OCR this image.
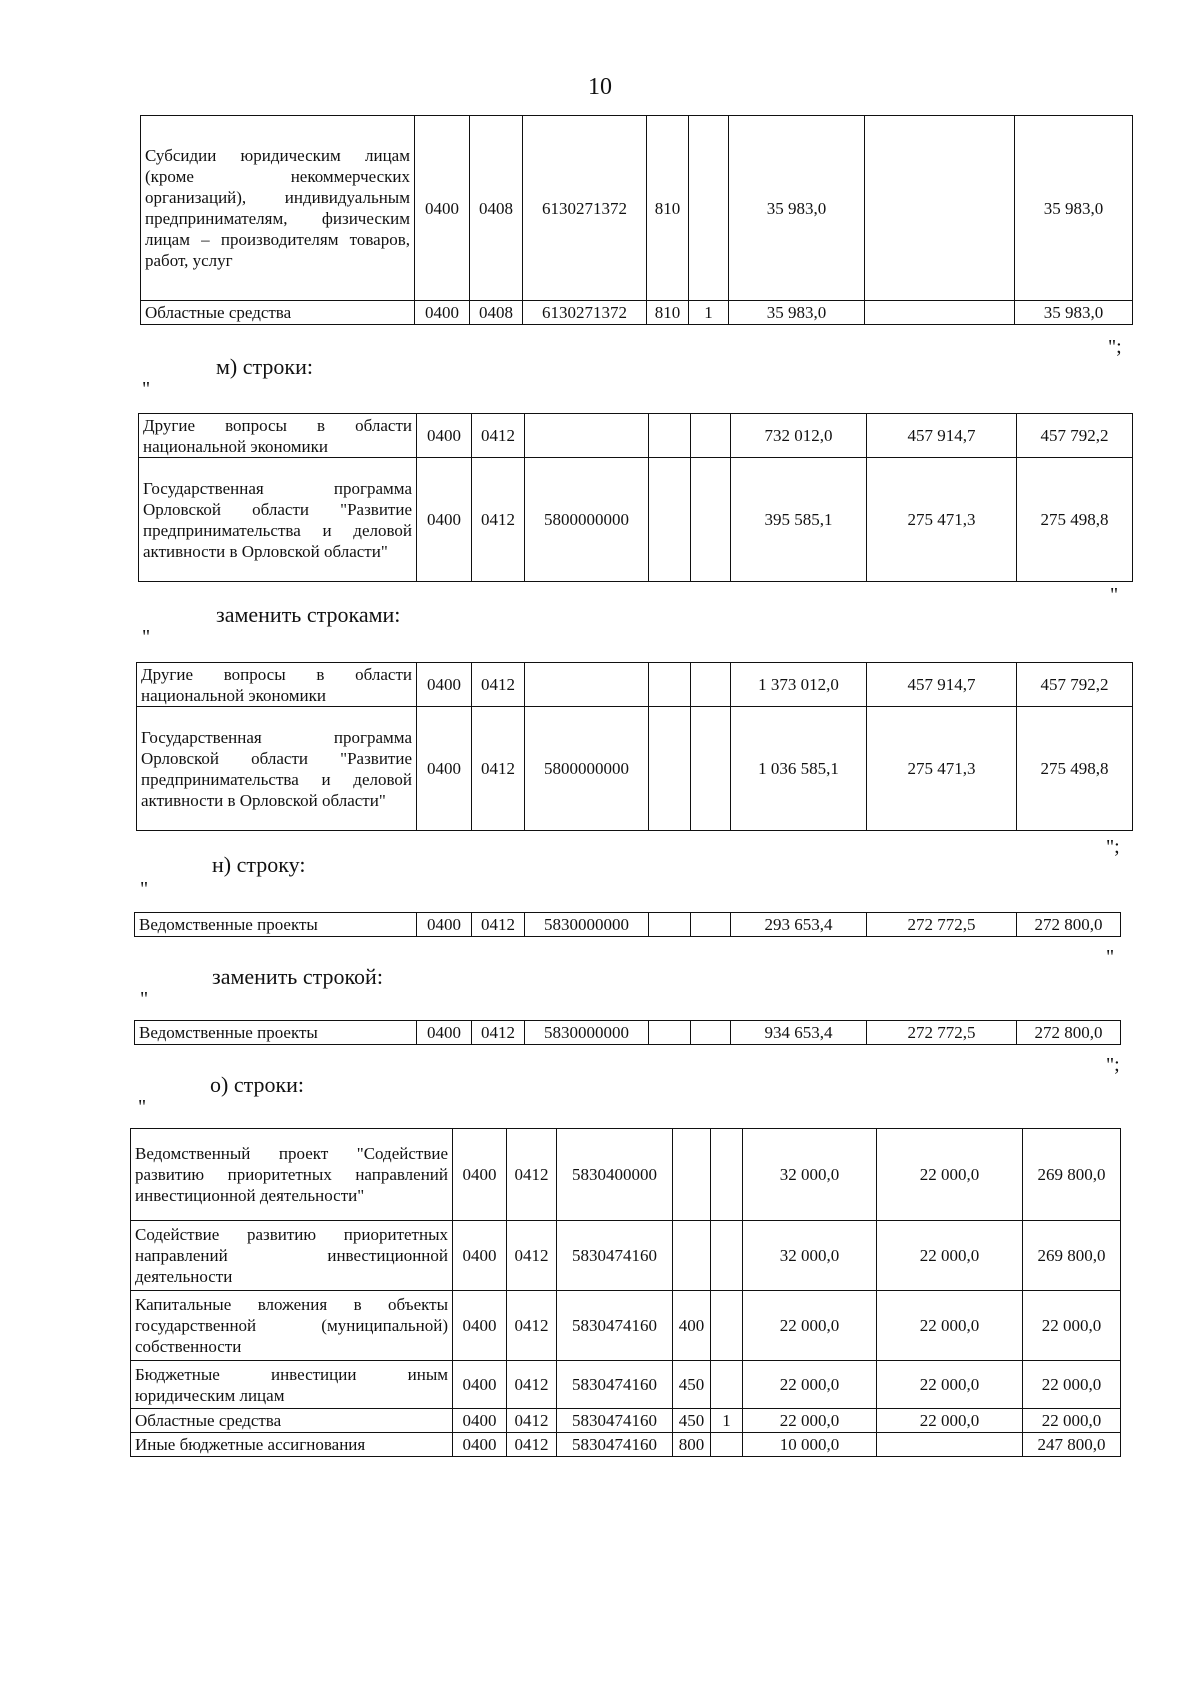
10
Субсидии юридическим лицам (кроме некоммерческих организаций), индивидуальным предпринимателям, физическим лицам – производителям товаров, работ, услуг	0400	0408	6130271372	810		35 983,0		35 983,0
Областные средства	0400	0408	6130271372	810	1	35 983,0		35 983,0
";
м) строки:
"
Другие вопросы в области национальной экономики	0400	0412				732 012,0	457 914,7	457 792,2
Государственная программа Орловской области "Развитие предпринимательства и деловой активности в Орловской области"	0400	0412	5800000000			395 585,1	275 471,3	275 498,8
"
заменить строками:
"
Другие вопросы в области национальной экономики	0400	0412				1 373 012,0	457 914,7	457 792,2
Государственная программа Орловской области "Развитие предпринимательства и деловой активности в Орловской области"	0400	0412	5800000000			1 036 585,1	275 471,3	275 498,8
";
н) строку:
"
Ведомственные проекты	0400	0412	5830000000			293 653,4	272 772,5	272 800,0
"
заменить строкой:
"
Ведомственные проекты	0400	0412	5830000000			934 653,4	272 772,5	272 800,0
";
о) строки:
"
Ведомственный проект "Содействие развитию приоритетных направлений инвестиционной деятельности"	0400	0412	5830400000			32 000,0	22 000,0	269 800,0
Содействие развитию приоритетных направлений инвестиционной деятельности	0400	0412	5830474160			32 000,0	22 000,0	269 800,0
Капитальные вложения в объекты государственной (муниципальной) собственности	0400	0412	5830474160	400		22 000,0	22 000,0	22 000,0
Бюджетные инвестиции иным юридическим лицам	0400	0412	5830474160	450		22 000,0	22 000,0	22 000,0
Областные средства	0400	0412	5830474160	450	1	22 000,0	22 000,0	22 000,0
Иные бюджетные ассигнования	0400	0412	5830474160	800		10 000,0		247 800,0
